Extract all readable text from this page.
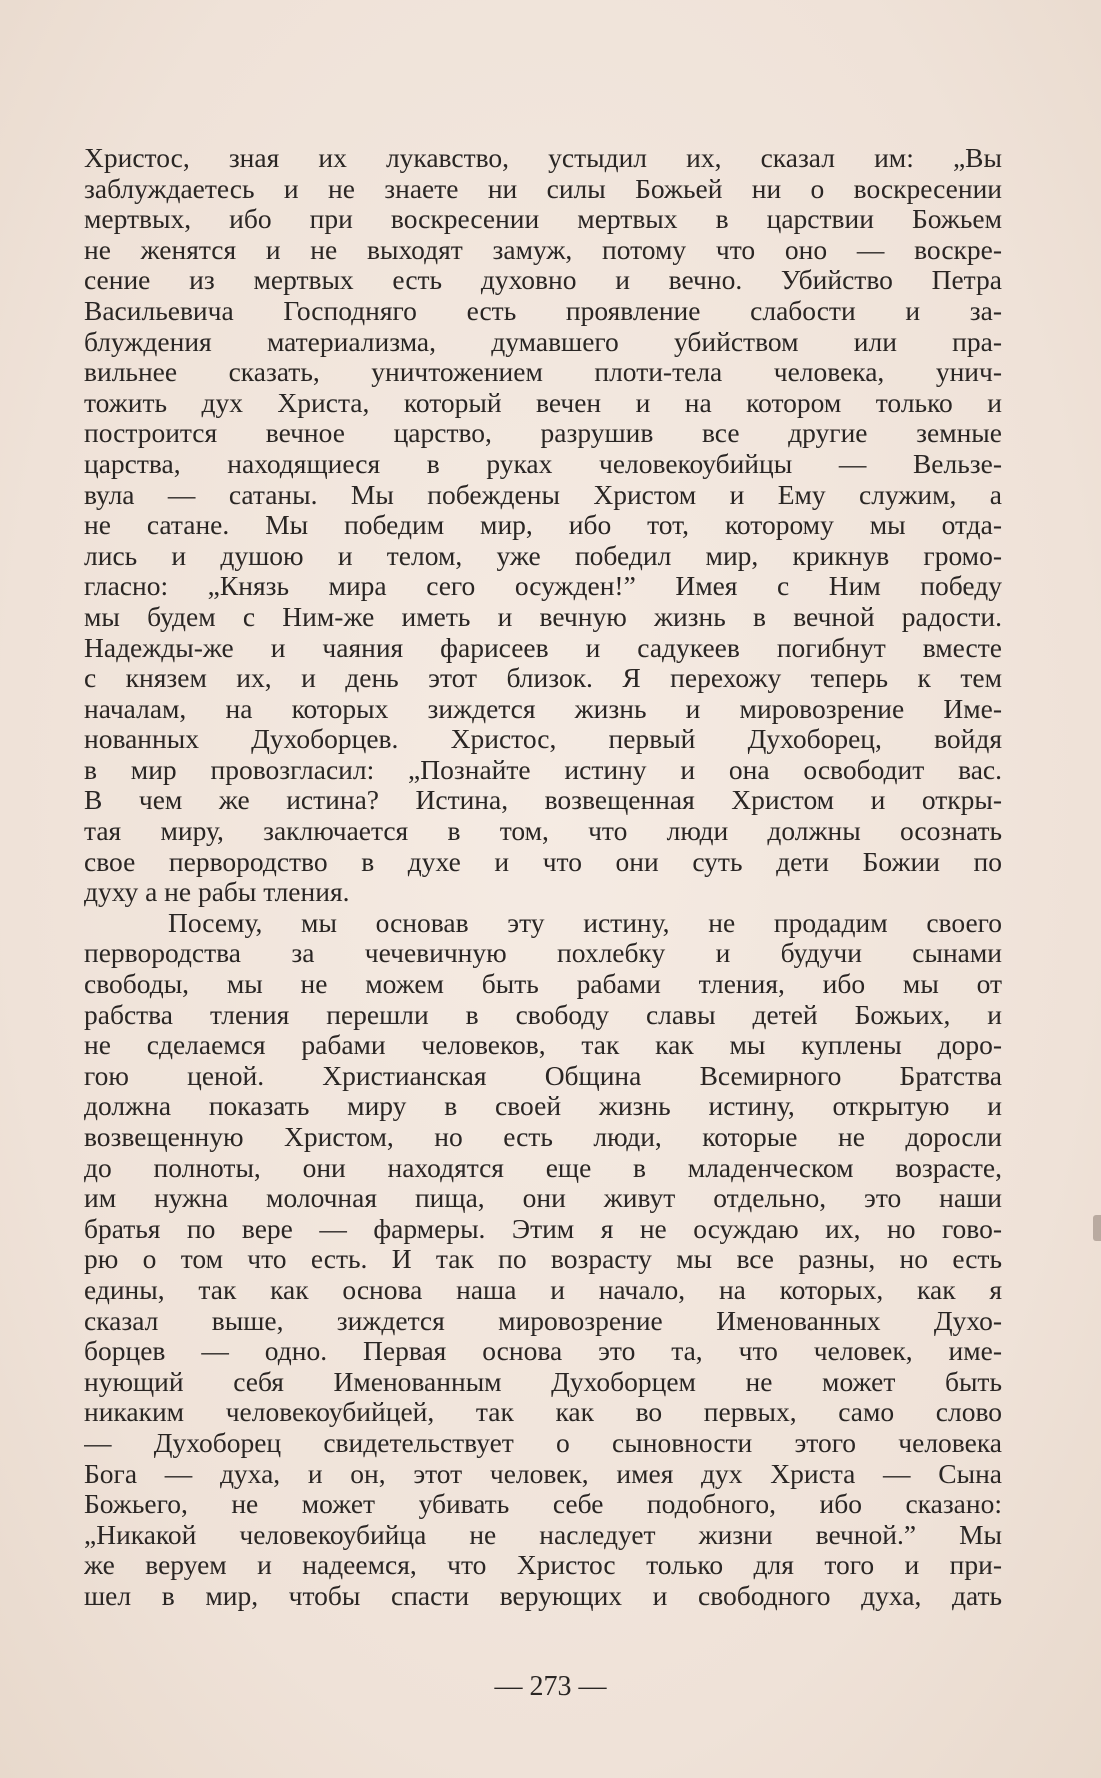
Христос, зная их лукавство, устыдил их, сказал им: „Вы
заблуждаетесь и не знаете ни силы Божьей ни о воскресении
мертвых, ибо при воскресении мертвых в царствии Божьем
не женятся и не выходят замуж, потому что оно — воскре-
сение из мертвых есть духовно и вечно. Убийство Петра
Васильевича Господняго есть проявление слабости и за-
блуждения материализма, думавшего убийством или пра-
вильнее сказать, уничтожением плоти-тела человека, унич-
тожить дух Христа, который вечен и на котором только и
построится вечное царство, разрушив все другие земные
царства, находящиеся в руках человекоубийцы — Вельзе-
вула — сатаны. Мы побеждены Христом и Ему служим, а
не сатане. Мы победим мир, ибо тот, которому мы отда-
лись и душою и телом, уже победил мир, крикнув громо-
гласно: „Князь мира сего осужден!” Имея с Ним победу
мы будем с Ним-же иметь и вечную жизнь в вечной радости.
Надежды-же и чаяния фарисеев и садукеев погибнут вместе
с князем их, и день этот близок. Я перехожу теперь к тем
началам, на которых зиждется жизнь и мировозрение Име-
нованных Духоборцев. Христос, первый Духоборец, войдя
в мир провозгласил: „Познайте истину и она освободит вас.
В чем же истина? Истина, возвещенная Христом и откры-
тая миру, заключается в том, что люди должны осознать
свое первородство в духе и что они суть дети Божии по
духу а не рабы тления.
Посему, мы основав эту истину, не продадим своего
первородства за чечевичную похлебку и будучи сынами
свободы, мы не можем быть рабами тления, ибо мы от
рабства тления перешли в свободу славы детей Божьих, и
не сделаемся рабами человеков, так как мы куплены доро-
гою ценой. Христианская Община Всемирного Братства
должна показать миру в своей жизнь истину, открытую и
возвещенную Христом, но есть люди, которые не доросли
до полноты, они находятся еще в младенческом возрасте,
им нужна молочная пища, они живут отдельно, это наши
братья по вере — фармеры. Этим я не осуждаю их, но гово-
рю о том что есть. И так по возрасту мы все разны, но есть
едины, так как основа наша и начало, на которых, как я
сказал выше, зиждется мировозрение Именованных Духо-
борцев — одно. Первая основа это та, что человек, име-
нующий себя Именованным Духоборцем не может быть
никаким человекоубийцей, так как во первых, само слово
— Духоборец свидетельствует о сыновности этого человека
Бога — духа, и он, этот человек, имея дух Христа — Сына
Божьего, не может убивать себе подобного, ибо сказано:
„Никакой человекоубийца не наследует жизни вечной.” Мы
же веруем и надеемся, что Христос только для того и при-
шел в мир, чтобы спасти верующих и свободного духа, дать
— 273 —
